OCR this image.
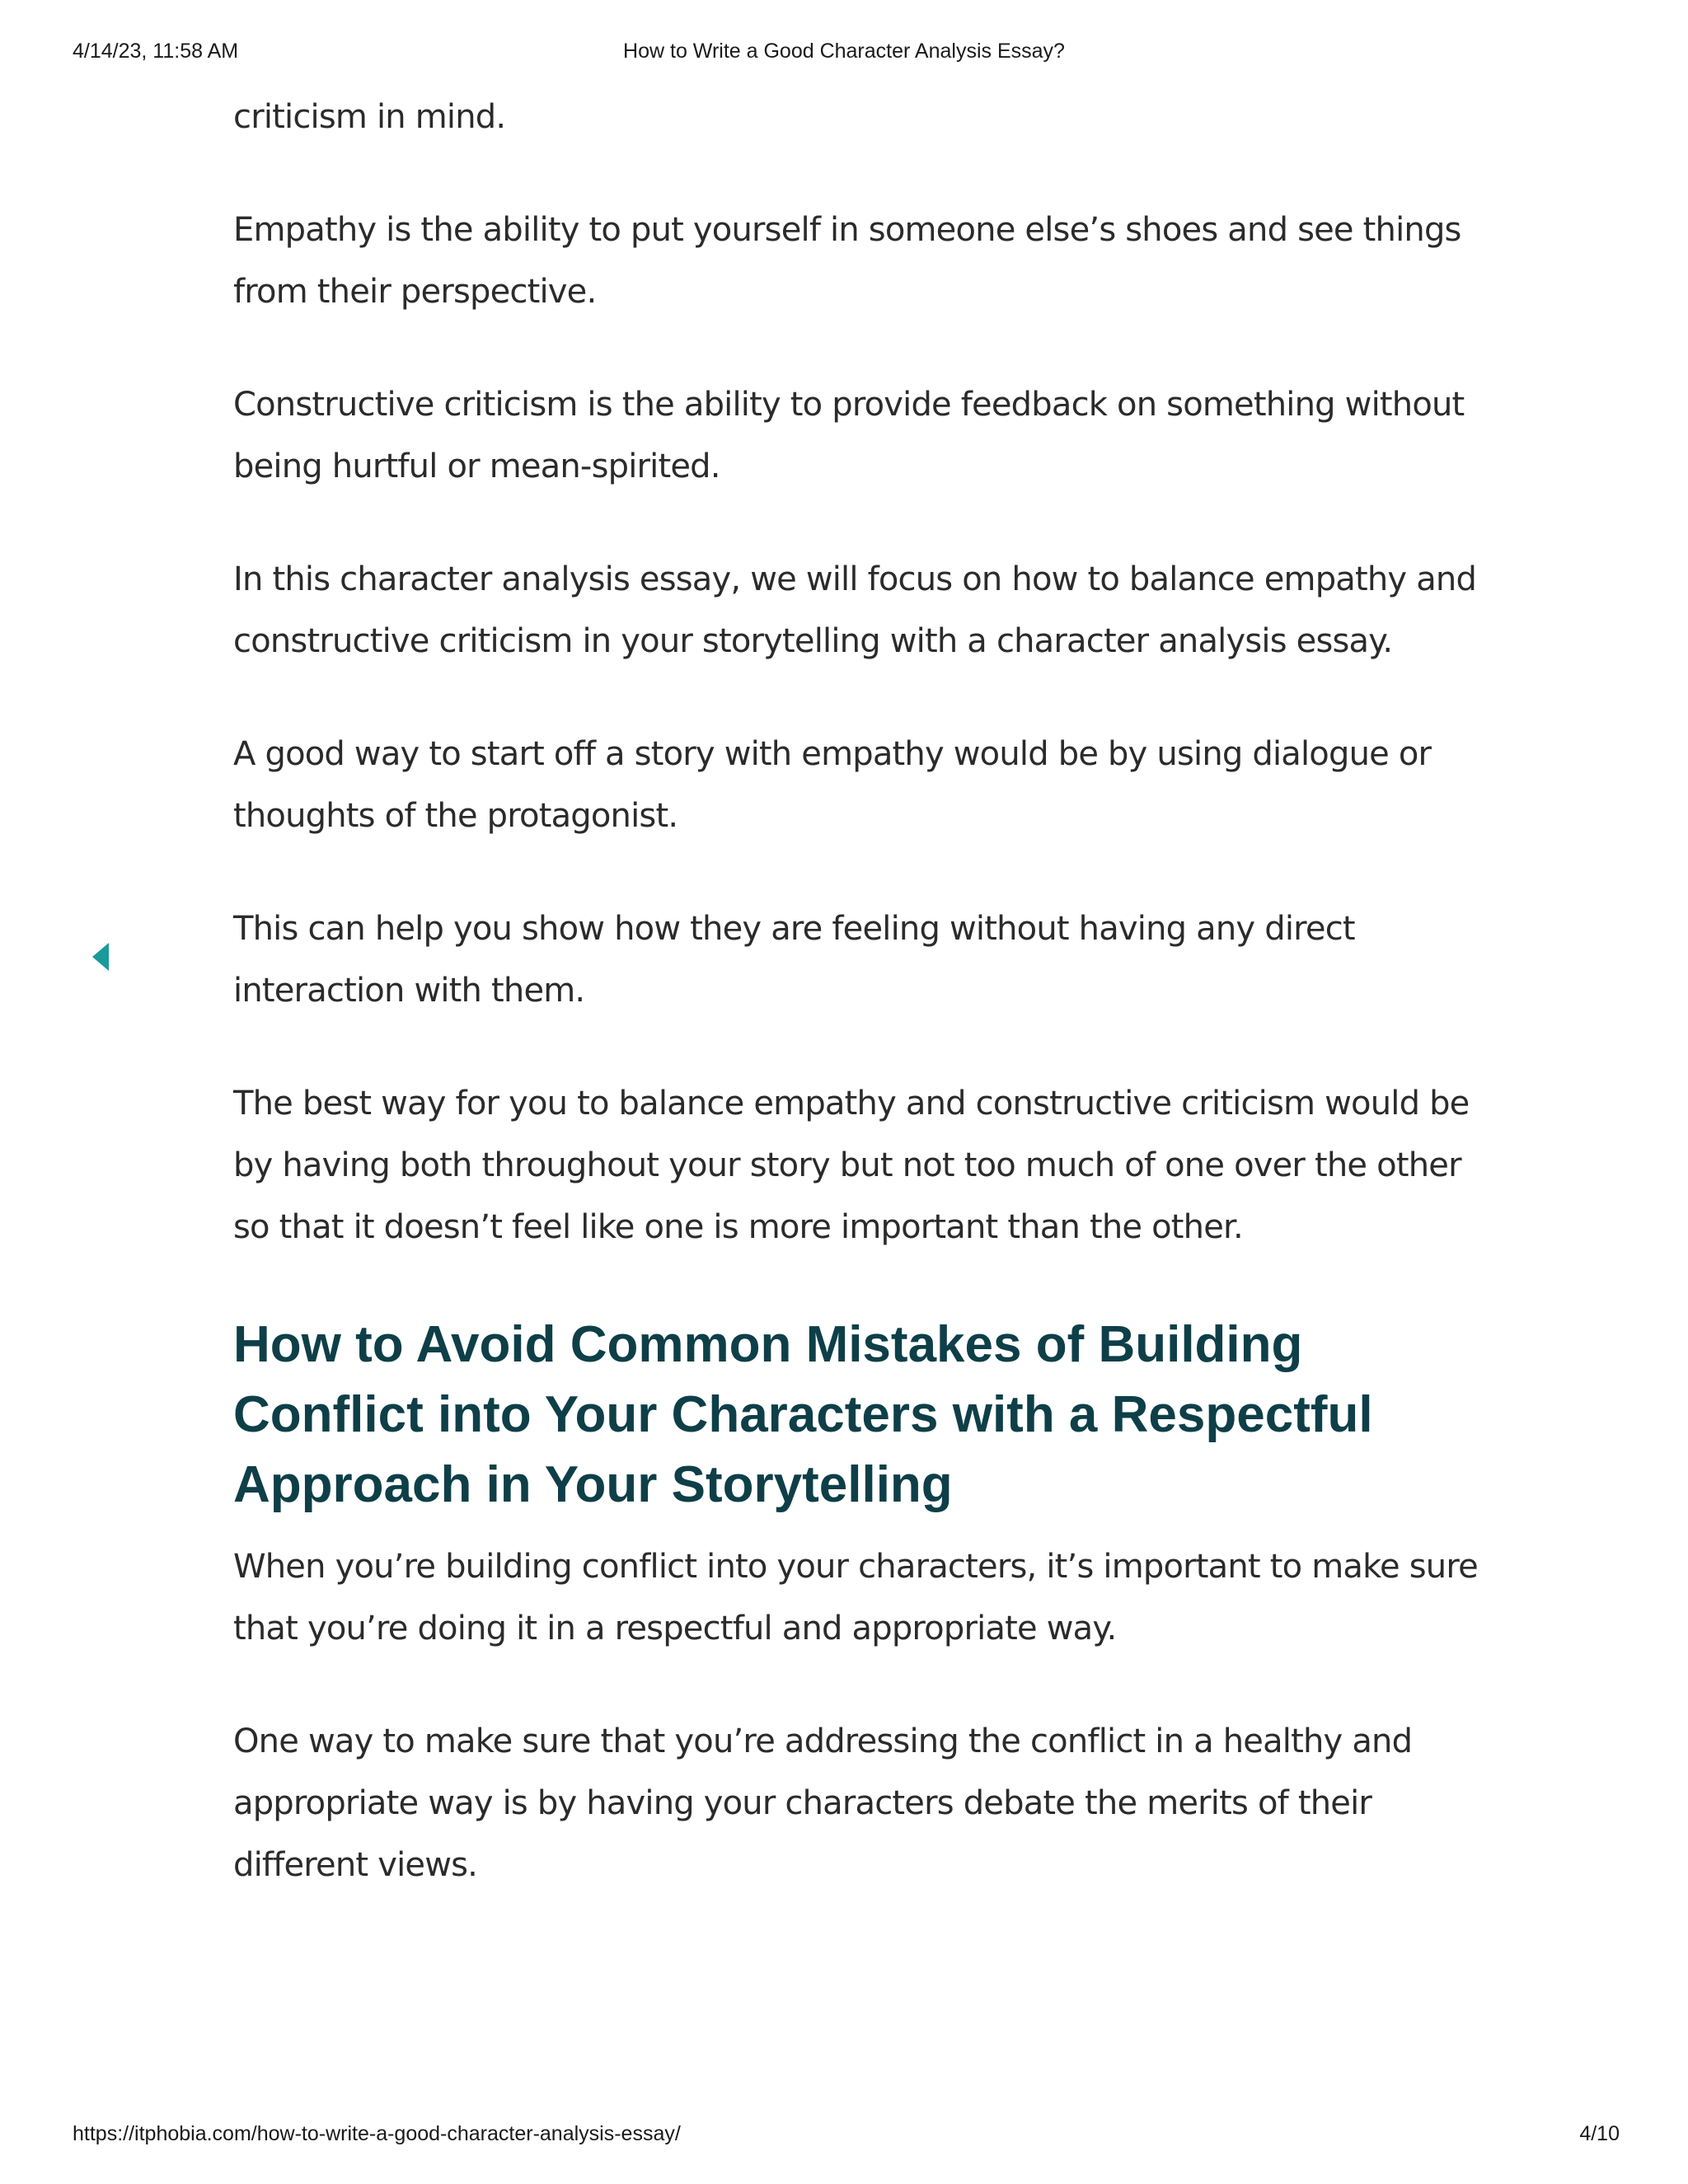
4/14/23, 11:58 AM	How to Write a Good Character Analysis Essay?

criticism in mind.

Empathy is the ability to put yourself in someone else’s shoes and see things from their perspective.

Constructive criticism is the ability to provide feedback on something without being hurtful or mean-spirited.

In this character analysis essay, we will focus on how to balance empathy and constructive criticism in your storytelling with a character analysis essay.

A good way to start off a story with empathy would be by using dialogue or thoughts of the protagonist.

This can help you show how they are feeling without having any direct interaction with them.

The best way for you to balance empathy and constructive criticism would be by having both throughout your story but not too much of one over the other so that it doesn’t feel like one is more important than the other.

How to Avoid Common Mistakes of Building Conflict into Your Characters with a Respectful Approach in Your Storytelling

When you’re building conflict into your characters, it’s important to make sure that you’re doing it in a respectful and appropriate way.

One way to make sure that you’re addressing the conflict in a healthy and appropriate way is by having your characters debate the merits of their different views.

https://itphobia.com/how-to-write-a-good-character-analysis-essay/	4/10
